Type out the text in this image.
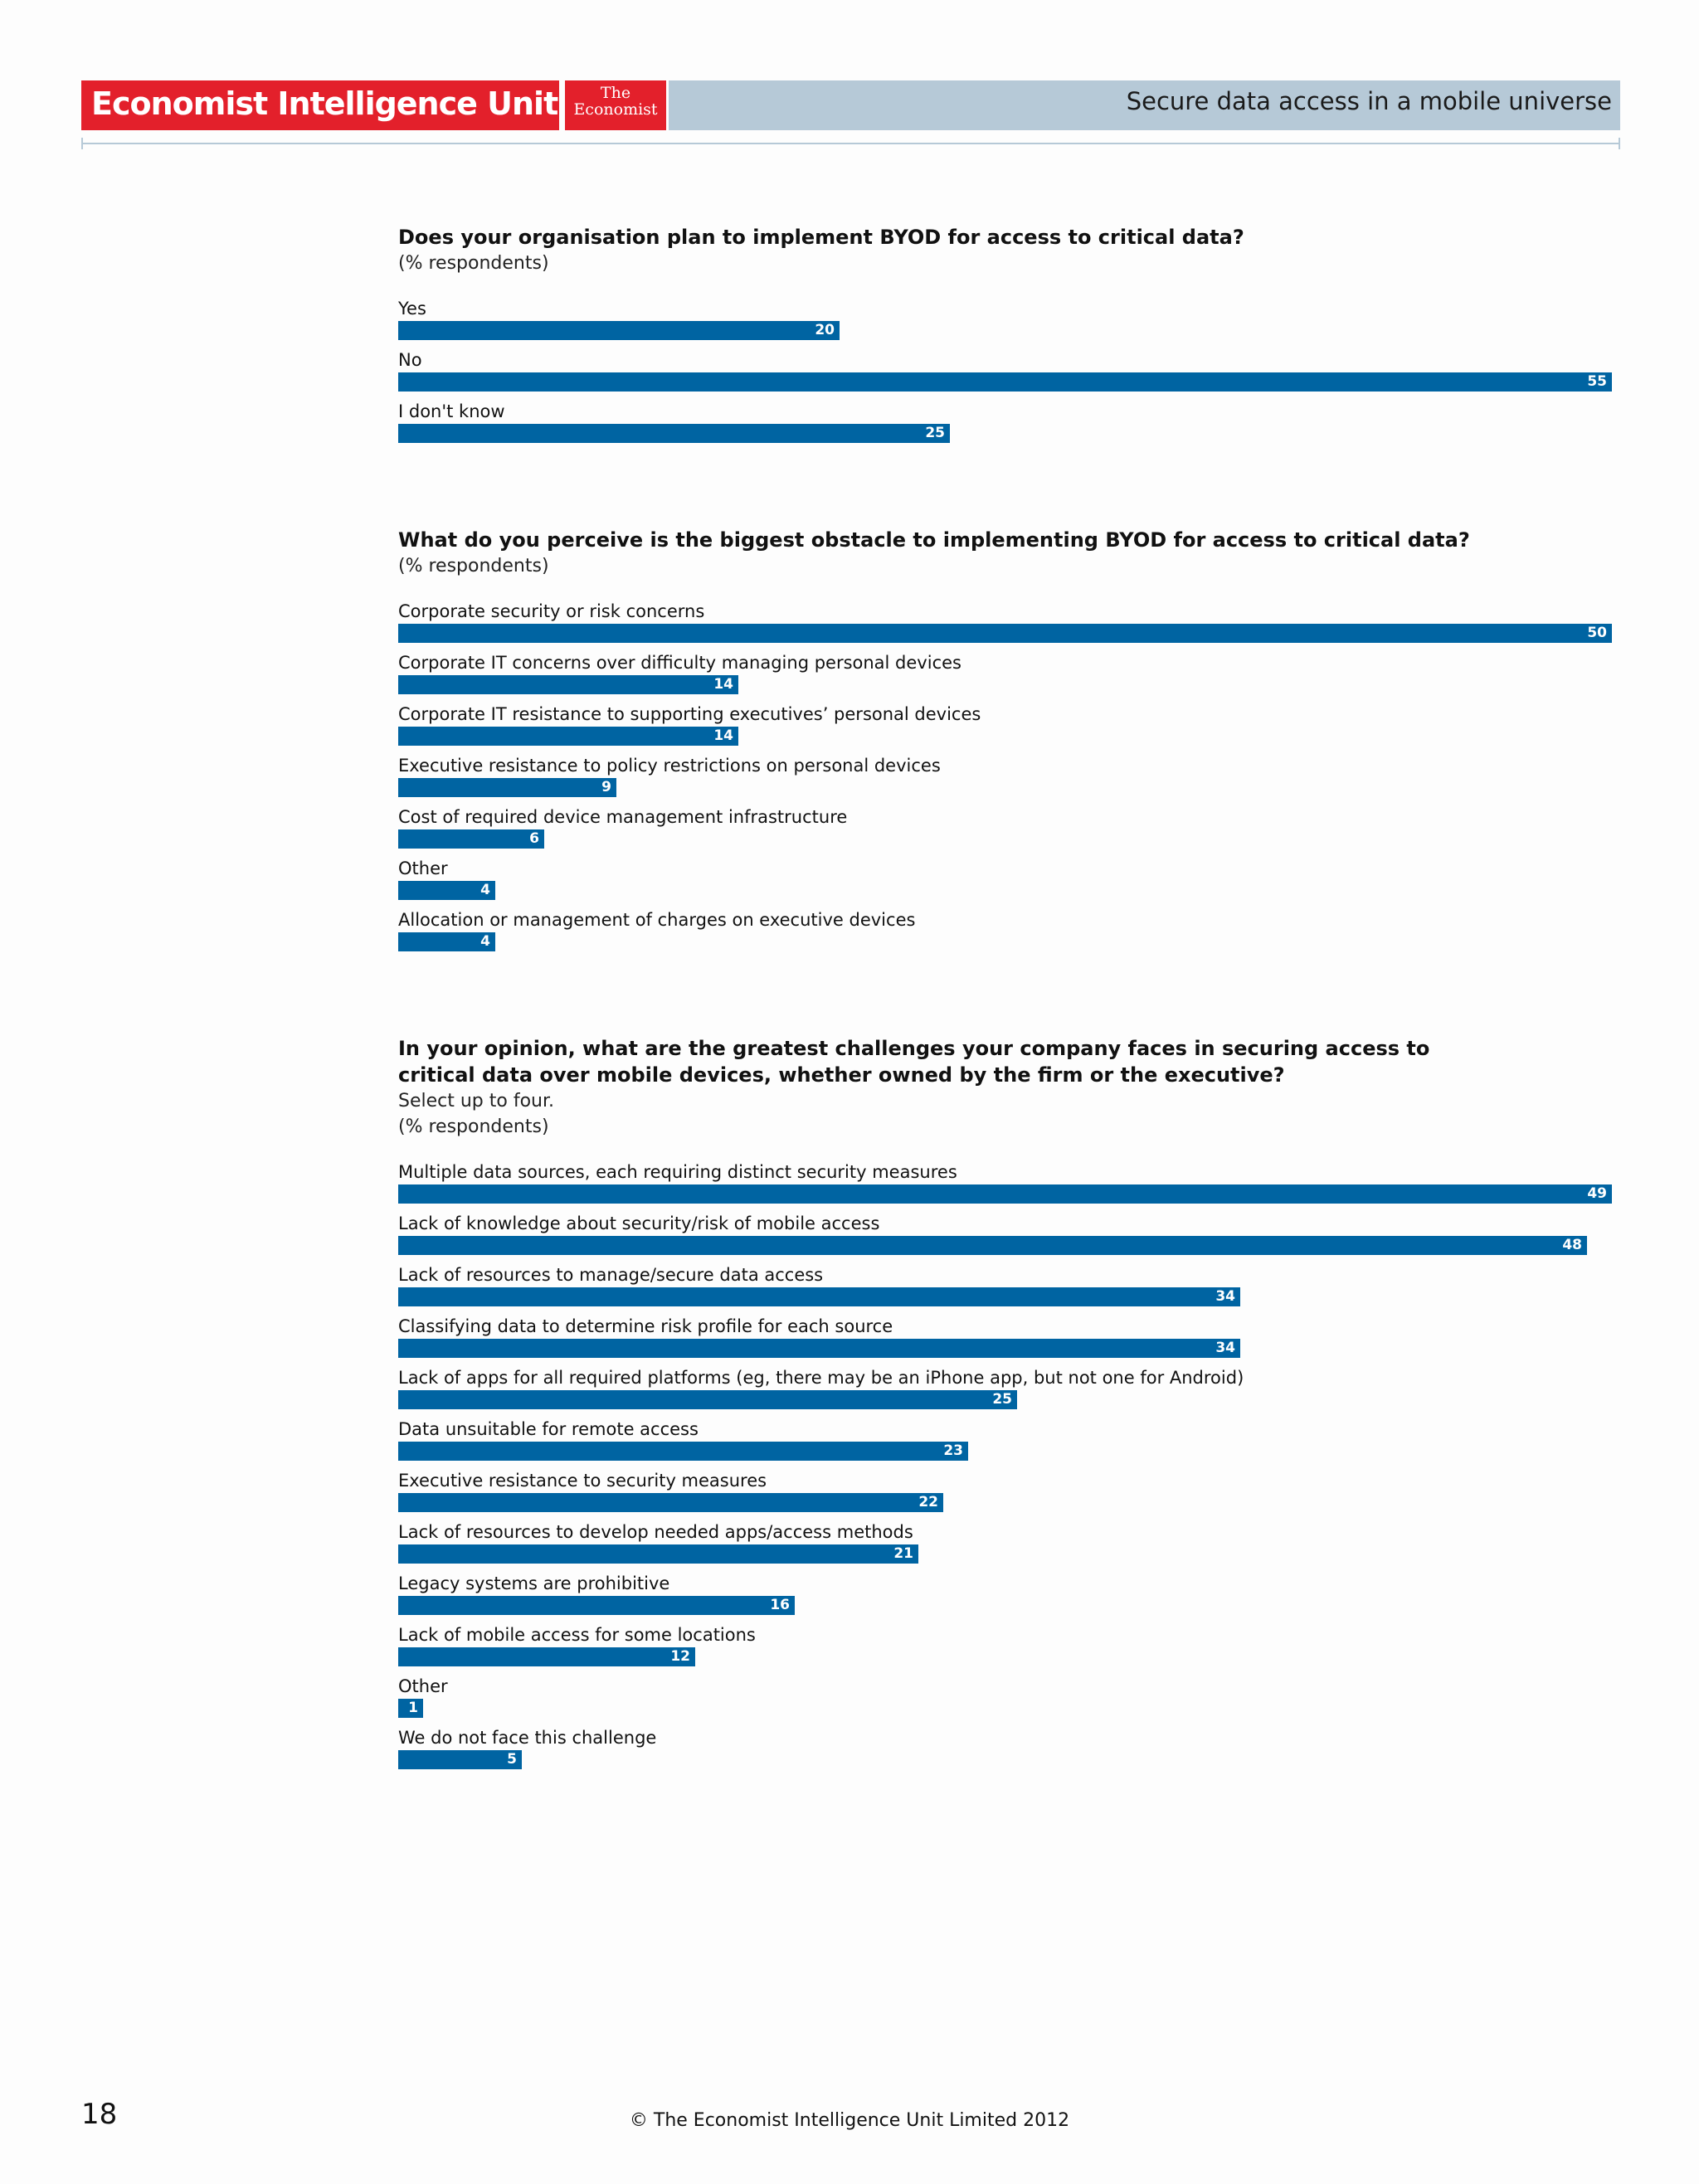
Economist Intelligence Unit	The
Economist	Secure data access in a mobile universe

Does your organisation plan to implement BYOD for access to critical data?

(% respondents)

Yes
20
No
55
I don't know
25

What do you perceive is the biggest obstacle to implementing BYOD for access to critical data?

(% respondents)

Corporate security or risk concerns
50
Corporate IT concerns over difficulty managing personal devices
14
Corporate IT resistance to supporting executives’ personal devices
14
Executive resistance to policy restrictions on personal devices
9
Cost of required device management infrastructure
6
Other
4
Allocation or management of charges on executive devices
4

In your opinion, what are the greatest challenges your company faces in securing access to critical data over mobile devices, whether owned by the firm or the executive?

Select up to four.

(% respondents)

Multiple data sources, each requiring distinct security measures
49
Lack of knowledge about security/risk of mobile access
48
Lack of resources to manage/secure data access
34
Classifying data to determine risk profile for each source
34
Lack of apps for all required platforms (eg, there may be an iPhone app, but not one for Android)
25
Data unsuitable for remote access
23
Executive resistance to security measures
22
Lack of resources to develop needed apps/access methods
21
Legacy systems are prohibitive
16
Lack of mobile access for some locations
12
Other
1
We do not face this challenge
5
18	© The Economist Intelligence Unit Limited 2012
